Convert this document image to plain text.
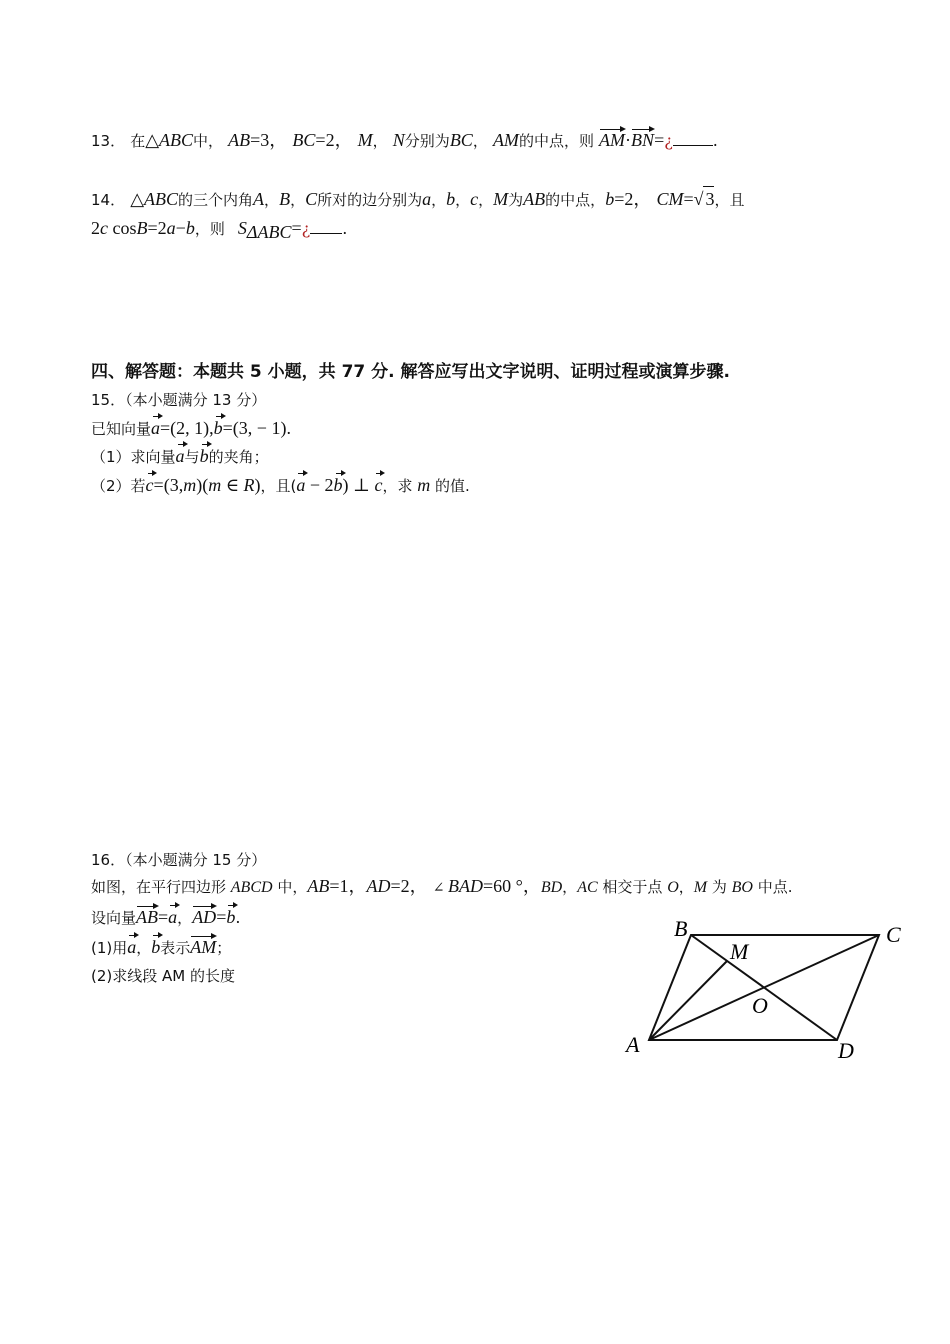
13． 在△ABC中， AB=3， BC=2， M， N分别为BC， AM的中点，则 AM·BN=¿	.
14． △ABC的三个内角A，B，C所对的边分别为a，b，c，M为AB的中点，b=2， CM=√ 3，且
2c cosB=2a−b，则 $S_{\Delta ABC}=¿$ .
四、解答题：本题共 5 小题，共 77 分. 解答应写出文字说明、证明过程或演算步骤.
15．（本小题满分 13 分）
已知向量a=(2, 1),b=(3, − 1).
（1）求向量a与b的夹角；
（2）若c=(3,m)(m ∈ R)，且(a − 2b) ⊥ c，求 m 的值.
16．（本小题满分 15 分）
如图，在平行四边形 ABCD 中，AB=1，AD=2， ∠ BAD=60 °，BD，AC 相交于点 O，M 为 BO 中点.
设向量AB=a，AD=b.
(1)用a，b表示AM；
(2)求线段 AM 的长度
A
B	C
D
M
O
